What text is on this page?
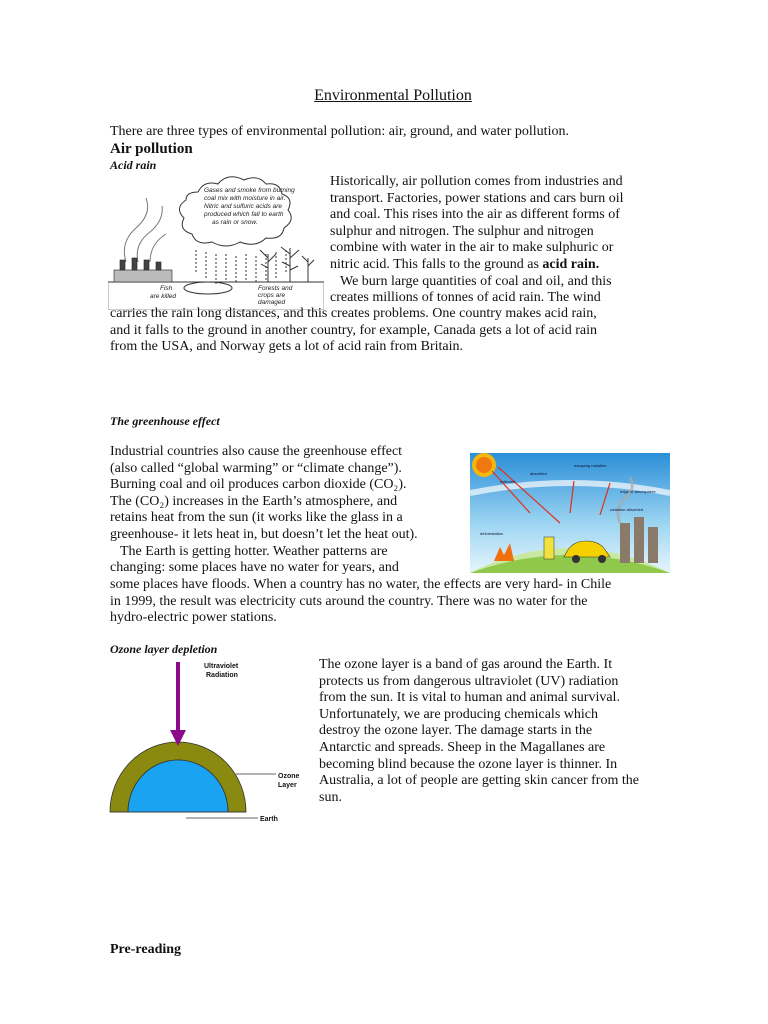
Environmental Pollution
There are three types of environmental pollution: air, ground, and water pollution.
Air pollution
Acid rain
Gases and smoke from burning
coal mix with moisture in air.
Nitric and sulfuric acids are
produced which fall to earth
as rain or snow.
Fish
are killed
Forests and
crops are
damaged
Historically, air pollution comes from industries and
transport. Factories, power stations and cars burn oil
and coal. This rises into the air as different forms of
sulphur and nitrogen. The sulphur and nitrogen
combine with water in the air to make sulphuric or
nitric acid. This falls to the ground as acid rain.
We burn large quantities of coal and oil, and this
creates millions of tonnes of acid rain. The wind
carries the rain long distances, and this creates problems. One country makes acid rain,
and it falls to the ground in another country, for example, Canada gets a lot of acid rain
from the USA, and Norway gets a lot of acid rain from Britain.
The greenhouse effect
Industrial countries also cause the greenhouse effect
(also called “global warming” or “climate change”).
Burning coal and oil produces carbon dioxide (CO₂).
The (CO₂) increases in the Earth’s atmosphere, and
retains heat from the sun (it works like the glass in a
greenhouse- it lets heat in, but doesn’t let the heat out).
The Earth is getting hotter. Weather patterns are
changing: some places have no water for years, and
some places have floods. When a country has no water, the effects are very hard- in Chile
in 1999, the result was electricity cuts around the country. There was no water for the
hydro-electric power stations.
reflected
absorbed
escaping radiation
edge of atmosphere
deforestation
radiation absorbed
Ozone layer depletion
Ultraviolet
Radiation
Ozone
Layer
Earth
The ozone layer is a band of gas around the Earth. It
protects us from dangerous ultraviolet (UV) radiation
from the sun. It is vital to human and animal survival.
Unfortunately, we are producing chemicals which
destroy the ozone layer. The damage starts in the
Antarctic and spreads. Sheep in the Magallanes are
becoming blind because the ozone layer is thinner. In
Australia, a lot of people are getting skin cancer from the
sun.
Pre-reading
